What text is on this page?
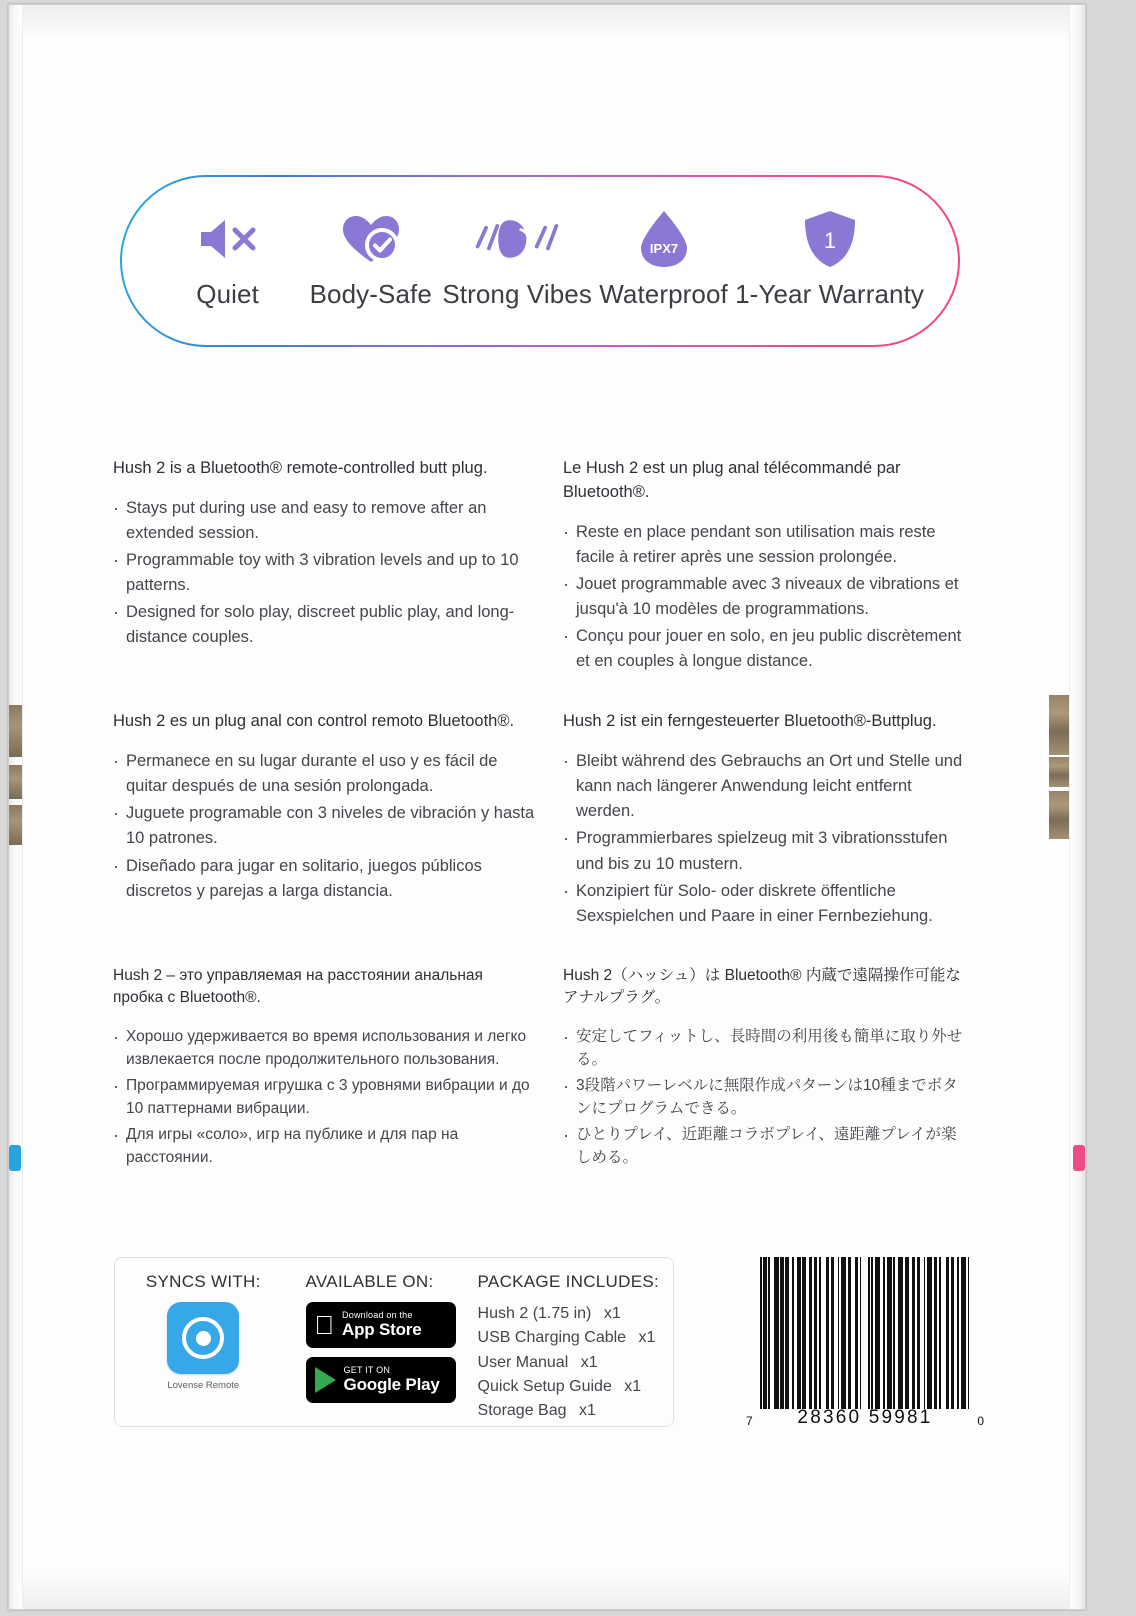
Quiet Body-Safe Strong Vibes
IPX7
Waterproof
1
1-Year Warranty
Hush 2 is a Bluetooth® remote-controlled butt plug.
· Stays put during use and easy to remove after an extended session.
· Programmable toy with 3 vibration levels and up to 10 patterns.
· Designed for solo play, discreet public play, and long-distance couples.
Le Hush 2 est un plug anal télécommandé par Bluetooth®.
· Reste en place pendant son utilisation mais reste facile à retirer après une session prolongée.
· Jouet programmable avec 3 niveaux de vibrations et jusqu'à 10 modèles de programmations.
· Conçu pour jouer en solo, en jeu public discrètement et en couples à longue distance.
Hush 2 es un plug anal con control remoto Bluetooth®.
· Permanece en su lugar durante el uso y es fácil de quitar después de una sesión prolongada.
· Juguete programable con 3 niveles de vibración y hasta 10 patrones.
· Diseñado para jugar en solitario, juegos públicos discretos y parejas a larga distancia.
Hush 2 ist ein ferngesteuerter Bluetooth®-Buttplug.
· Bleibt während des Gebrauchs an Ort und Stelle und kann nach längerer Anwendung leicht entfernt werden.
· Programmierbares spielzeug mit 3 vibrationsstufen und bis zu 10 mustern.
· Konzipiert für Solo- oder diskrete öffentliche Sexspielchen und Paare in einer Fernbeziehung.
Hush 2 – это управляемая на расстоянии анальная пробка с Bluetooth®.
· Хорошо удерживается во время использования и легко извлекается после продолжительного пользования.
· Программируемая игрушка с 3 уровнями вибрации и до 10 паттернами вибрации.
· Для игры «соло», игр на публике и для пар на расстоянии.
Hush 2（ハッシュ）は Bluetooth® 内蔵で遠隔操作可能なアナルプラグ。
· 安定してフィットし、長時間の利用後も簡単に取り外せる。
· 3段階パワーレベルに無限作成パターンは10種までボタンにプログラムできる。
· ひとりプレイ、近距離コラボプレイ、遠距離プレイが楽しめる。
SYNCS WITH:
Lovense Remote
AVAILABLE ON:
Download on the
App Store
GET IT ON
Google Play
PACKAGE INCLUDES:
Hush 2 (1.75 in) x1
USB Charging Cable x1
User Manual x1
Quick Setup Guide x1
Storage Bag x1
7 28360 59981	0
